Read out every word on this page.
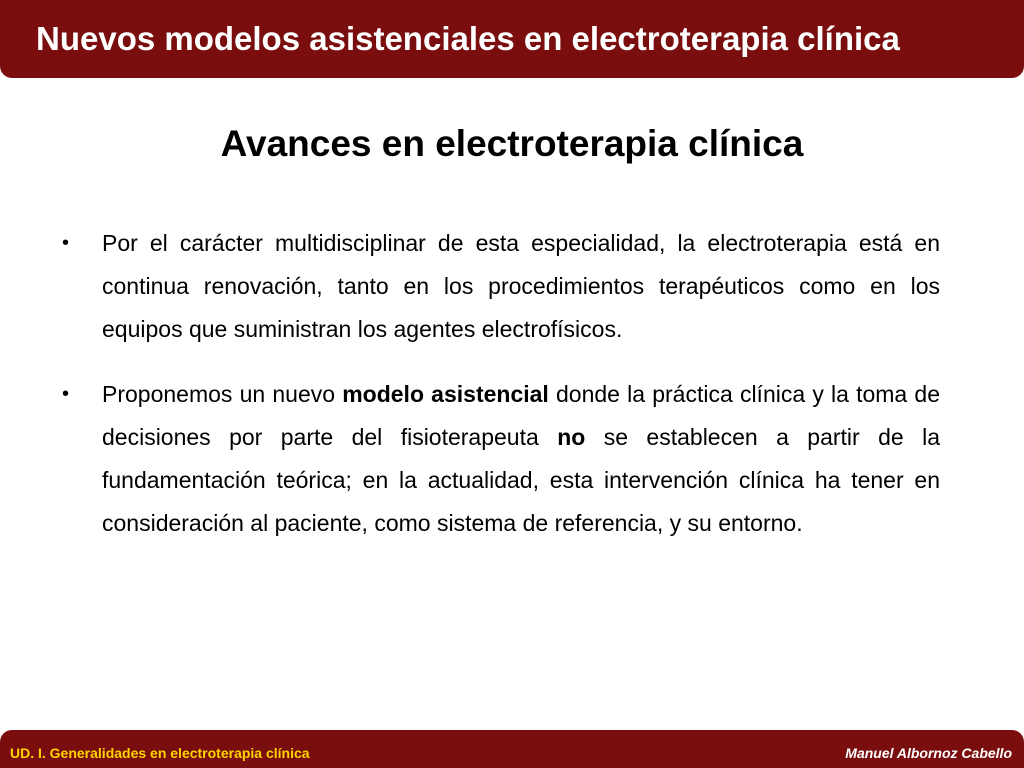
Nuevos modelos asistenciales en electroterapia clínica
Avances en electroterapia clínica
• Por el carácter multidisciplinar de esta especialidad, la electroterapia está en continua renovación, tanto en los procedimientos terapéuticos como en los equipos que suministran los agentes electrofísicos.
• Proponemos un nuevo modelo asistencial donde la práctica clínica y la toma de decisiones por parte del fisioterapeuta no se establecen a partir de la fundamentación teórica; en la actualidad, esta intervención clínica ha tener en consideración al paciente, como sistema de referencia, y su entorno.
UD. I. Generalidades en electroterapia clínica	Manuel Albornoz Cabello
